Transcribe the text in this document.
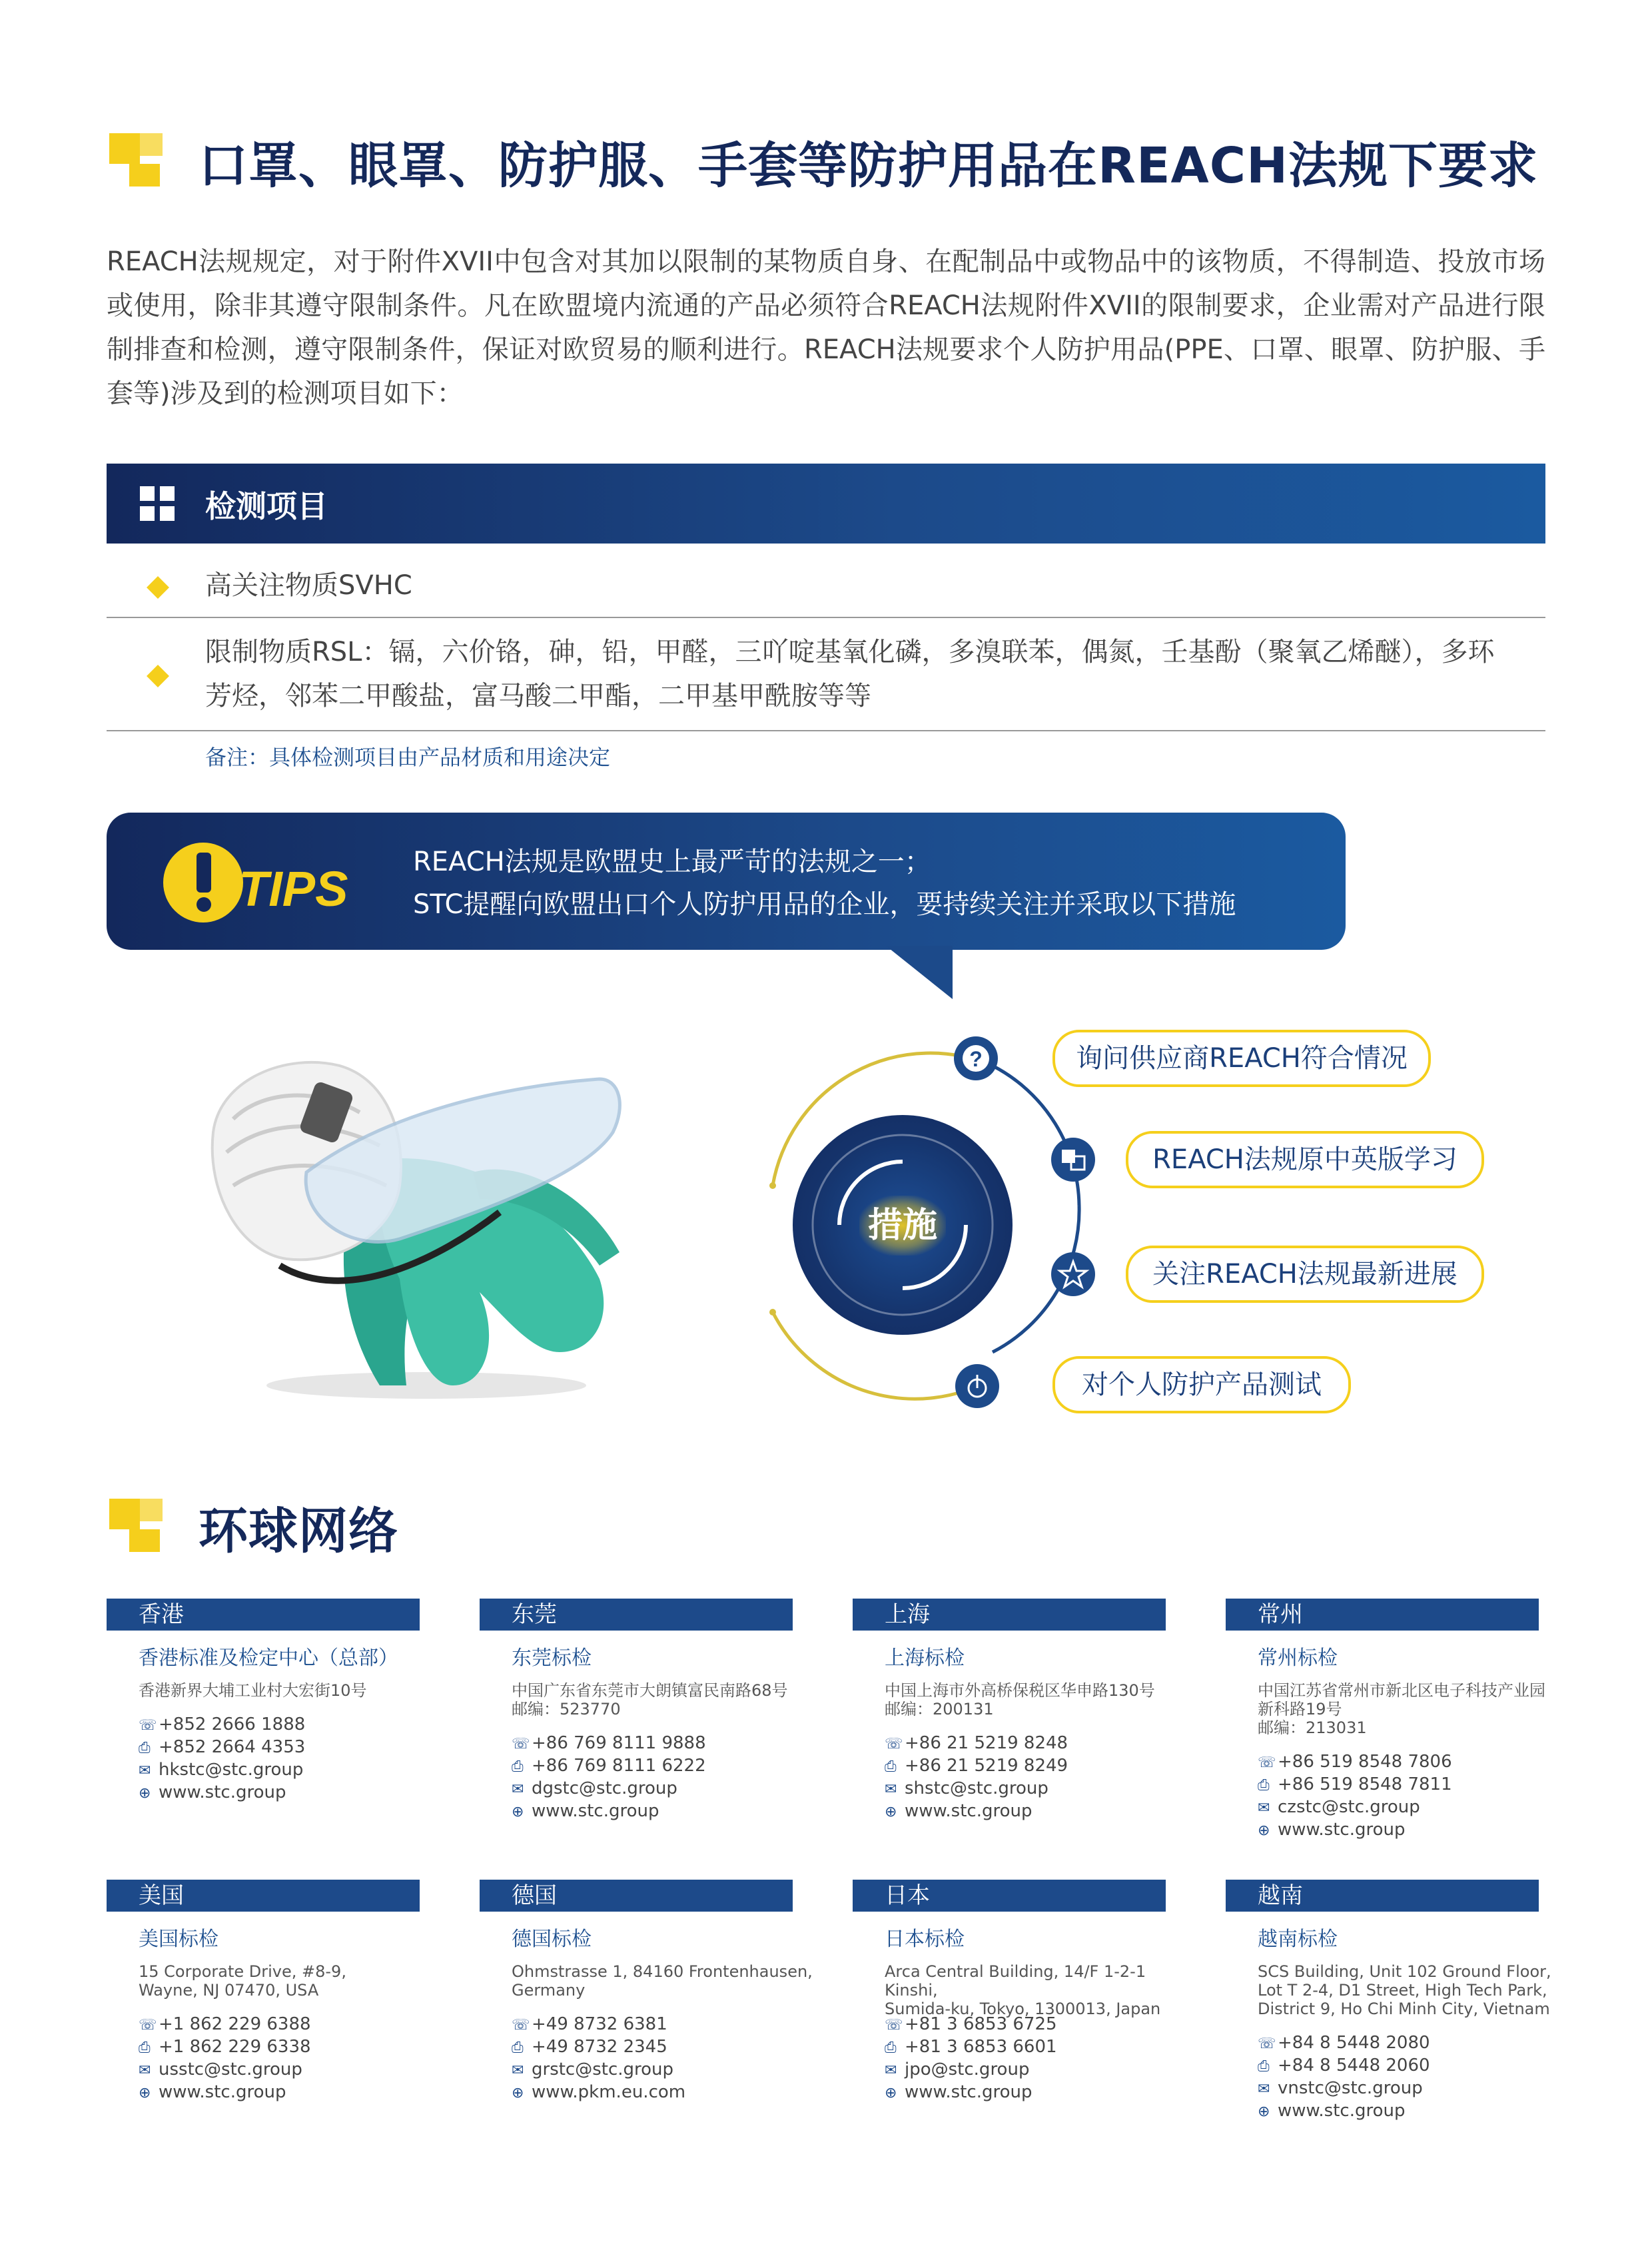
口罩、眼罩、防护服、手套等防护用品在REACH法规下要求
REACH法规规定，对于附件XVII中包含对其加以限制的某物质自身、在配制品中或物品中的该物质，不得制造、投放市场或使用，除非其遵守限制条件。凡在欧盟境内流通的产品必须符合REACH法规附件XVII的限制要求，企业需对产品进行限制排查和检测，遵守限制条件，保证对欧贸易的顺利进行。REACH法规要求个人防护用品(PPE、口罩、眼罩、防护服、手套等)涉及到的检测项目如下：
检测项目
高关注物质SVHC
限制物质RSL：镉，六价铬，砷，铅，甲醛，三吖啶基氧化磷，多溴联苯，偶氮，壬基酚（聚氧乙烯醚），多环芳烃，邻苯二甲酸盐，富马酸二甲酯，二甲基甲酰胺等等
备注：具体检测项目由产品材质和用途决定
TIPS REACH法规是欧盟史上最严苛的法规之一；
STC提醒向欧盟出口个人防护用品的企业，要持续关注并采取以下措施
措施
?	询问供应商REACH符合情况
REACH法规原中英版学习
关注REACH法规最新进展
对个人防护产品测试
环球网络
香港
香港标准及检定中心（总部）
香港新界大埔工业村大宏街10号
☏+852 2666 1888
⎙ +852 2664 4353
✉ hkstc@stc.group
⊕ www.stc.group
东莞
东莞标检
中国广东省东莞市大朗镇富民南路68号
邮编：523770
☏+86 769 8111 9888
⎙ +86 769 8111 6222
✉ dgstc@stc.group
⊕ www.stc.group
上海
上海标检
中国上海市外高桥保税区华申路130号
邮编：200131
☏+86 21 5219 8248
⎙ +86 21 5219 8249
✉ shstc@stc.group
⊕ www.stc.group
常州
常州标检
中国江苏省常州市新北区电子科技产业园
新科路19号
邮编：213031
☏+86 519 8548 7806
⎙ +86 519 8548 7811
✉ czstc@stc.group
⊕ www.stc.group
美国
美国标检
15 Corporate Drive, #8-9,
Wayne, NJ 07470, USA
☏+1 862 229 6388
⎙ +1 862 229 6338
✉ usstc@stc.group
⊕ www.stc.group
德国
德国标检
Ohmstrasse 1, 84160 Frontenhausen,
Germany
☏+49 8732 6381
⎙ +49 8732 2345
✉ grstc@stc.group
⊕ www.pkm.eu.com
日本
日本标检
Arca Central Building, 14/F 1-2-1 Kinshi,
Sumida-ku, Tokyo, 1300013, Japan
☏+81 3 6853 6725
⎙ +81 3 6853 6601
✉ jpo@stc.group
⊕ www.stc.group
越南
越南标检
SCS Building, Unit 102 Ground Floor,
Lot T 2-4, D1 Street, High Tech Park,
District 9, Ho Chi Minh City, Vietnam
☏+84 8 5448 2080
⎙ +84 8 5448 2060
✉ vnstc@stc.group
⊕ www.stc.group
